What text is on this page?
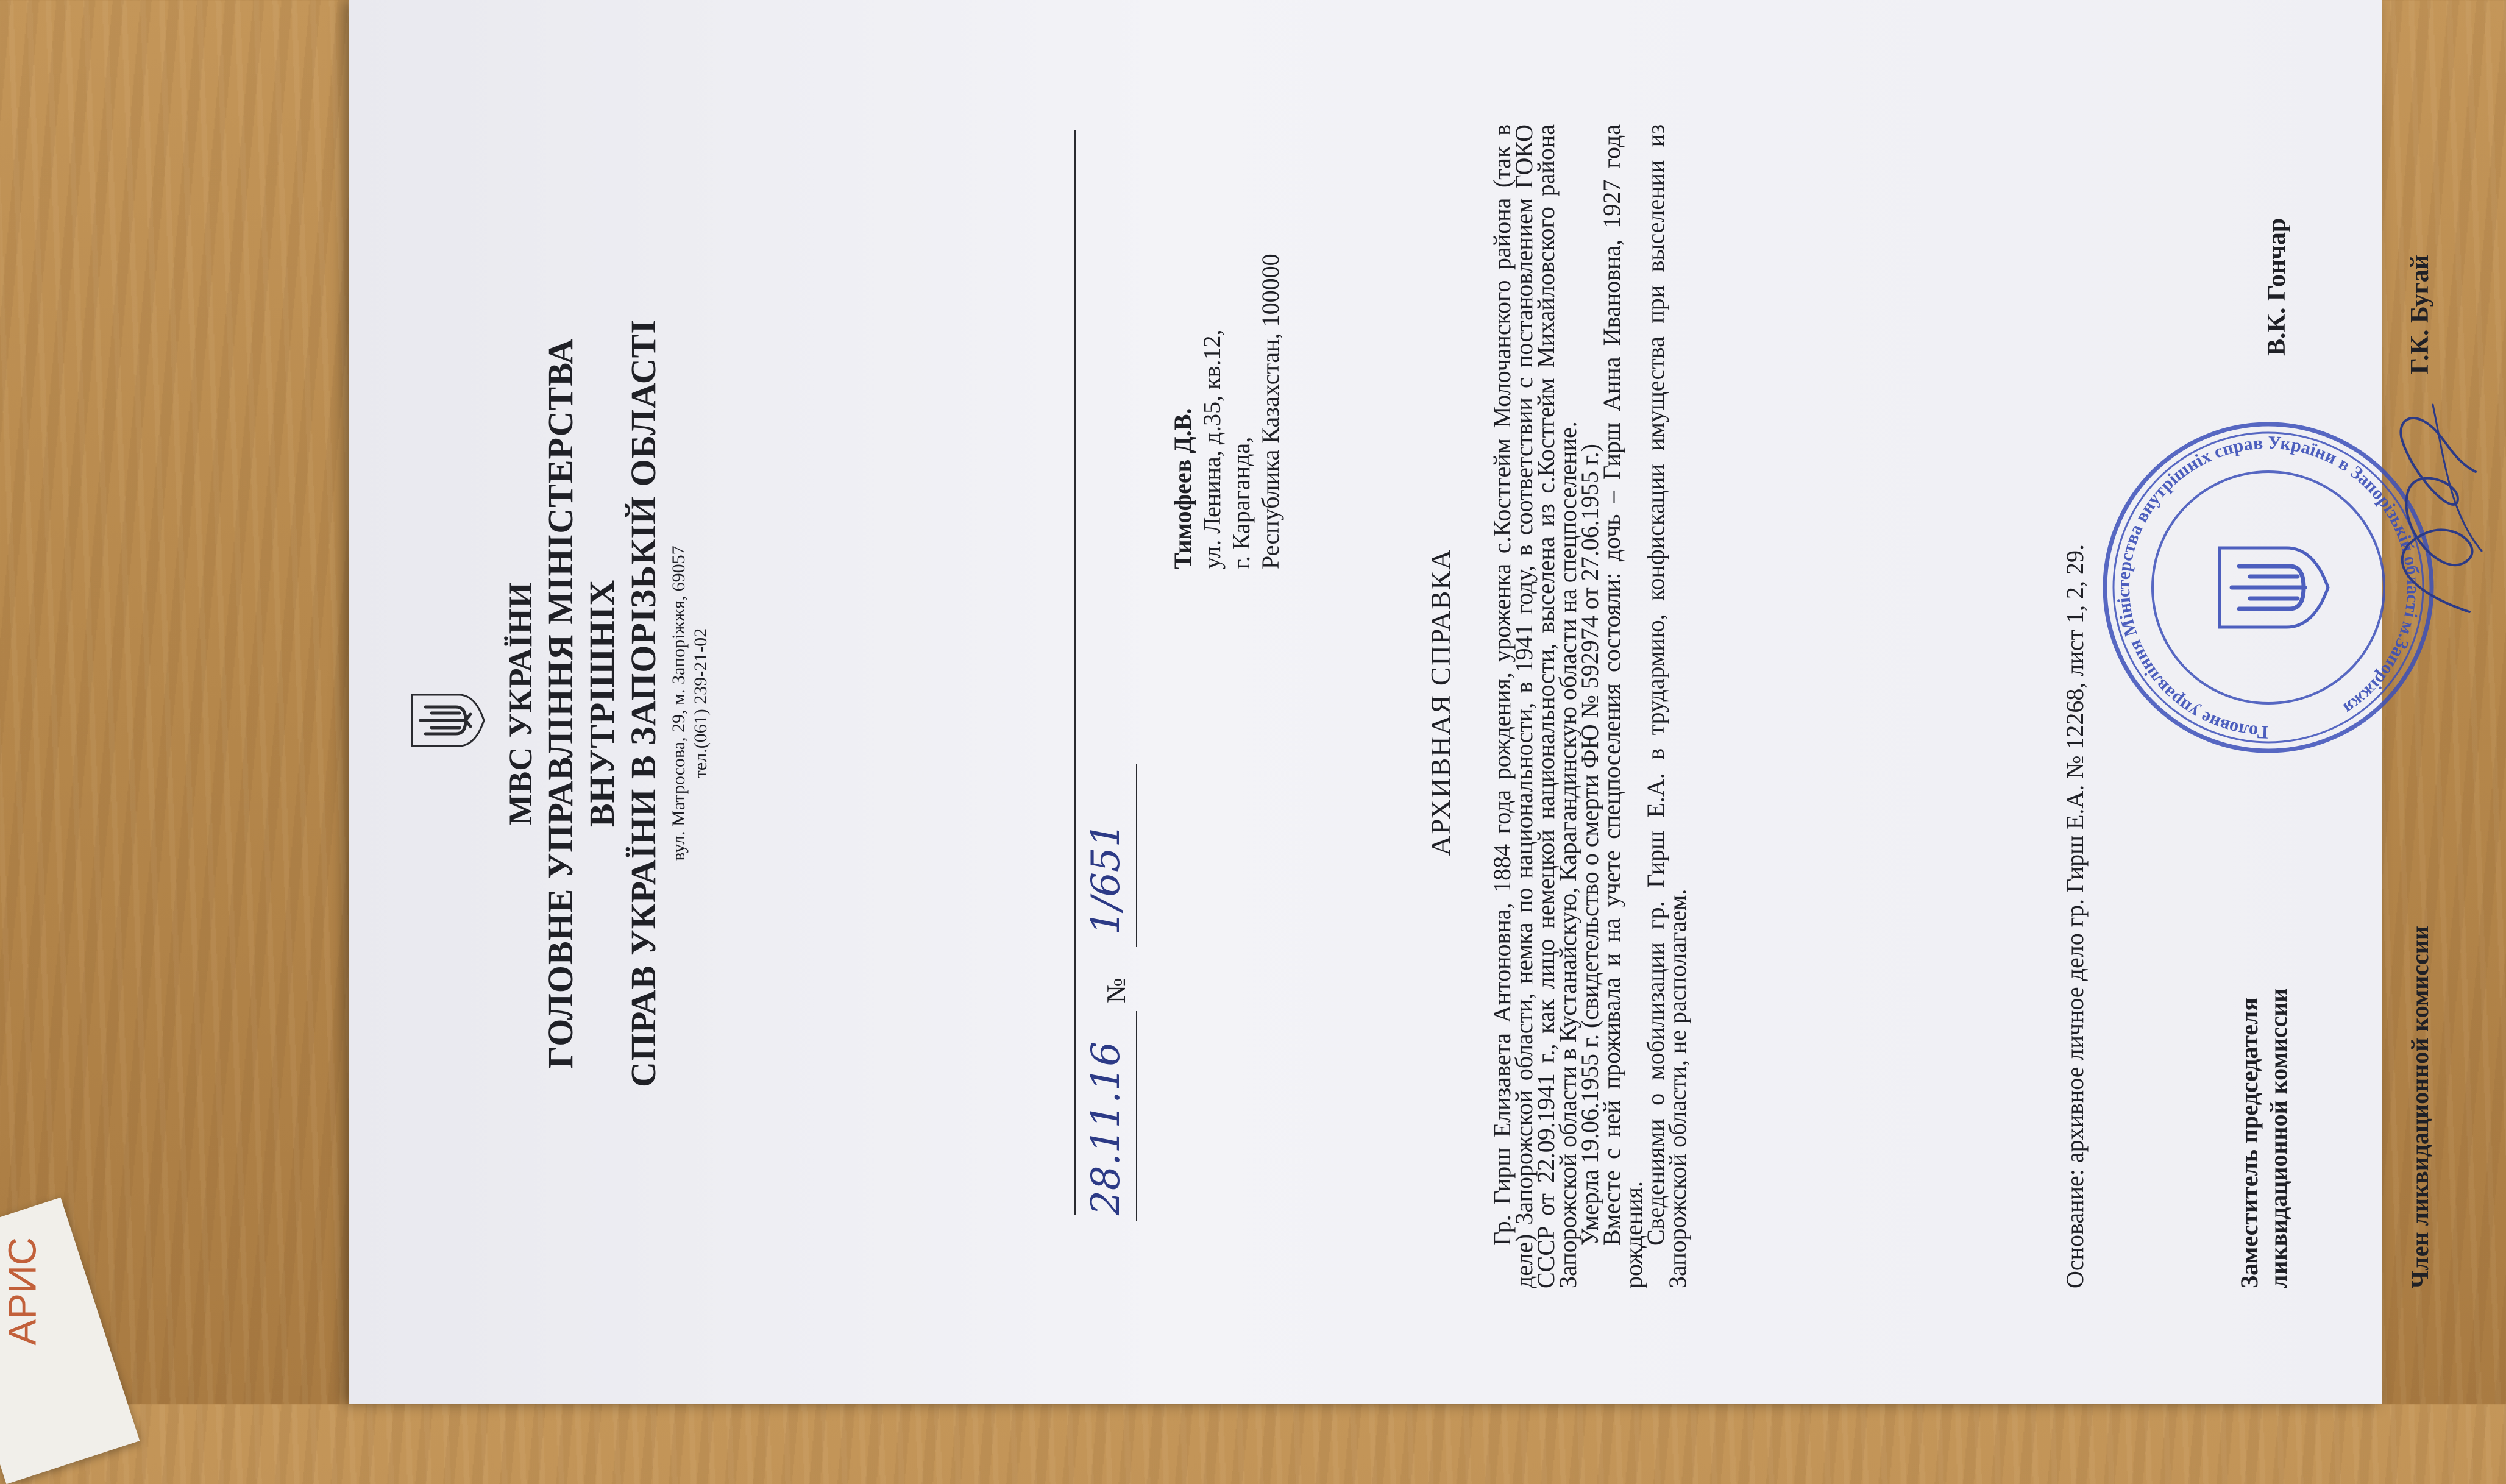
АРИС
МВС УКРАЇНИ ГОЛОВНЕ УПРАВЛІННЯ МІНІСТЕРСТВА ВНУТРІШНІХ СПРАВ УКРАЇНИ В ЗАПОРІЗЬКІЙ ОБЛАСТІ вул. Матросова, 29, м. Запоріжжя, 69057 тел.(061) 239-21-02
28.11.16
№
1/651
Тимофеев Д.В. ул. Ленина, д.35, кв.12, г. Караганда, Республика Казахстан, 100000
АРХИВНАЯ СПРАВКА Гр. Гирш Елизавета Антоновна, 1884 года рождения, уроженка с.Костгейм Молочанского района (так в деле) Запорожской области, немка по национальности, в 1941 году, в соответствии с постановлением ГОКО СССР от 22.09.1941 г., как лицо немецкой национальности, выселена из с.Костгейм Михайловского района Запорожской области в Кустанайскую, Карагандинскую области на спецпоселение.

Умерла 19.06.1955 г. (свидетельство о смерти ФЮ № 592974 от 27.06.1955 г.)

Вместе с ней проживала и на учете спецпоселения состояли: дочь – Гирш Анна Ивановна, 1927 года рождения.

Сведениями о мобилизации гр. Гирш Е.А. в трудармию, конфискации имущества при выселении из Запорожской области, не располагаем.	Основание: архивное личное дело гр. Гирш Е.А. № 12268, лист 1, 2, 29.	Головне управління Міністерства внутрішніх справ України в Запорізькій області м.Запоріжжя
Заместитель председателя ликвидационной комиссии
В.К. Гончар
Член ликвидационной комиссии
Г.К. Бугай
